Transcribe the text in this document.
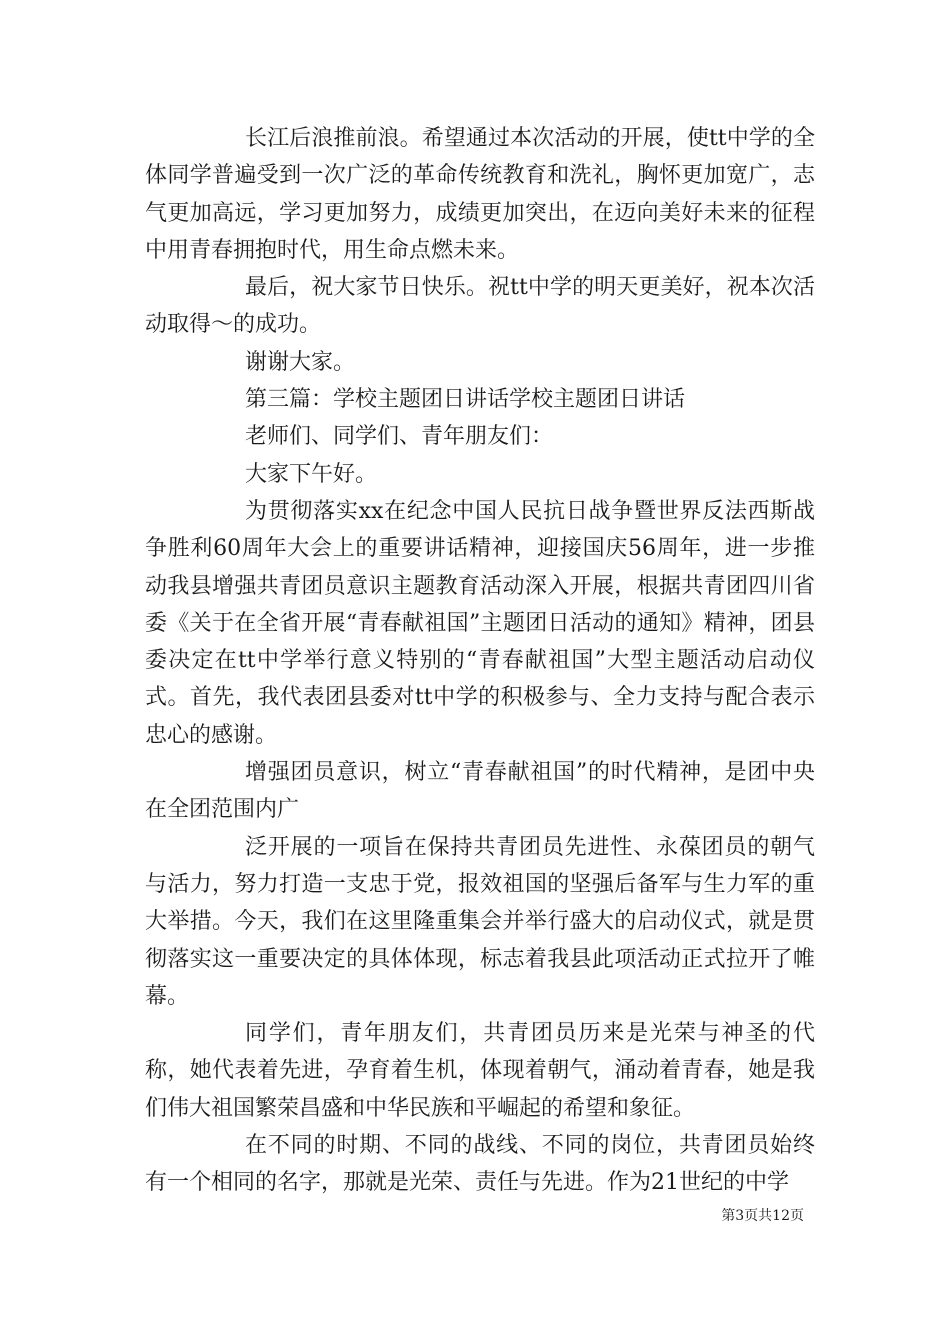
长江后浪推前浪。希望通过本次活动的开展，使tt中学的全体同学普遍受到一次广泛的革命传统教育和洗礼，胸怀更加宽广，志气更加高远，学习更加努力，成绩更加突出，在迈向美好未来的征程中用青春拥抱时代，用生命点燃未来。

最后，祝大家节日快乐。祝tt中学的明天更美好，祝本次活动取得～的成功。

谢谢大家。

第三篇：学校主题团日讲话学校主题团日讲话

老师们、同学们、青年朋友们：

大家下午好。

为贯彻落实xx在纪念中国人民抗日战争暨世界反法西斯战争胜利60周年大会上的重要讲话精神，迎接国庆56周年，进一步推动我县增强共青团员意识主题教育活动深入开展，根据共青团四川省委《关于在全省开展“青春献祖国”主题团日活动的通知》精神，团县委决定在tt中学举行意义特别的“青春献祖国”大型主题活动启动仪式。首先，我代表团县委对tt中学的积极参与、全力支持与配合表示忠心的感谢。

增强团员意识，树立“青春献祖国”的时代精神，是团中央在全团范围内广

泛开展的一项旨在保持共青团员先进性、永葆团员的朝气与活力，努力打造一支忠于党，报效祖国的坚强后备军与生力军的重大举措。今天，我们在这里隆重集会并举行盛大的启动仪式，就是贯彻落实这一重要决定的具体体现，标志着我县此项活动正式拉开了帷幕。

同学们，青年朋友们，共青团员历来是光荣与神圣的代称，她代表着先进，孕育着生机，体现着朝气，涌动着青春，她是我们伟大祖国繁荣昌盛和中华民族和平崛起的希望和象征。

在不同的时期、不同的战线、不同的岗位，共青团员始终有一个相同的名字，那就是光荣、责任与先进。作为21世纪的中学

第3页共12页
